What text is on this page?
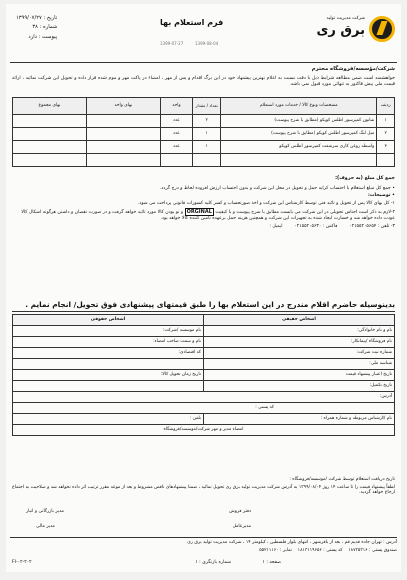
شرکت مدیریت تولید
برق ری
فرم استعلام بها
1399-07-27	1399-08-04
تاریخ : ۱۳۹۹/۰۷/۲۷
شماره : ۳۸
پیوست : دارد
شرکت/مؤسسه/فروشگاه محترم
خواهشمند است ضمن مطالعه شرایط ذیل با دقت نسبت به اعلام بهترین پیشنهاد خود در این برگ اقدام و پس از مهر ، امضاء در پاکت مهر و موم شده قرار داده و تحویل این شرکت نمائید ، ارائه قیمت ملی پیش فاکتور به تنهائی مورد قبول نمی باشد.
ردیف	مشخصات ونوع کالا / خدمات مورد استعلام	تعداد / مقدار	واحد	بهای واحد	بهای مجموع
۱	شاتون کمپرسور اطلس کوپکو (مطابق با شرح پیوست)	۲	عدد		
۲	میل لنگ کمپرسور اطلس کوپکو (مطابق با شرح پیوست)	۱	عدد		
۳	واسطه روغن کاری سرشفت کمپرسور اطلس کوپکو	۱	عدد		

جمع کل مبلغ (به حروف):

• جمع کل مبلغ استعلام با احتساب کرایه حمل و تحویل در محل این شرکت و بدون احتساب ارزش افزوده لحاظ و درج گردد.

• توضیحات:

۱- کل بهای کالا پس از تحویل و تائید فنی توسط کارشناس این شرکت و اخذ صورتحساب و کسر کلیه کسورات قانونی پرداخت می شود.

۲-لازم به ذکر است اجناس تحویلی در این شرکت می بایست مطابق با شرح پیوست و با کیفیت ORGINAL و نو بودن کالا مورد تائید خواهد گرفت و در صورت نقصان و داشتن هرگونه اشکال کالا عودت داده خواهد شد و خسارت ایجاد شده به تجهیزات این شرکت و همچنین هزینه حمل برعهده تامین کننده کالا خواهد بود.

۳- تلفن : ۰۲۱۵۵۲۰۵۶۵۴        فاکس : ۰۲۱۵۵۲۰۵۶۳۰        ایمیل :

بدینوسیله حاضرم اقلام مندرج در این استعلام بها را طبق قیمتهای پیشنهادی فوق تحویل/ انجام نمایم .
اشخاص حقیقی	اشخاص حقوقی
نام و نام خانوادگی:	نام موسسه /شرکت:
نام فروشگاه /پیمانکار:	نام و سمت صاحب امضاء:
شماره ثبت شرکت:	کد اقتصادی:
شناسه ملی:	
تاریخ اعتبار پیشنهاد قیمت	تاریخ زمان تحویل کالا:
تاریخ تکمیل:	
آدرس:	
کد پستی :	
نام کارشناس مربوطه و شماره همراه :	تلفن :
امضاء مدیر و مهر شرکت/موسسه/فروشگاه	

تاریخ دریافت استعلام توسط شرکت /موسسه/فروشگاه :

لطفاً پیشنهاد قیمت را تا ساعت ۱۴ روز ۱۳۹۹/۰۸/۰۴ به آدرس شرکت مدیریت تولید برق ری تحویل نمائید ، ضمنا پیشنهادهای ناقص مشروط و بعد از موعد مقرر ترتیب اثر داده نخواهد شد و صلاحیت به اجتماع ارجاع خواهد گردید.

دفتر فروش
مدیر بازرگانی و انبار
مدیر مالی	مدیرعامل

آدرس : تهران جاده قدیم قم ، بعد از باقرشهر ، انتهای بلوار فلسطین ، کیلومتر ۱۴ ، شرکت مدیریت تولید برق ری

صندوق پستی : ۱۸۷۳۵۳۱۶    کد پستی : ۱۸۱۳۱۱۹۶۵۶    نمابر : ۵۵۲۱۱۱۶۰

صفحه : ۱
شماره بازنگری : ۱
FI-۰۲-۲۰۲
